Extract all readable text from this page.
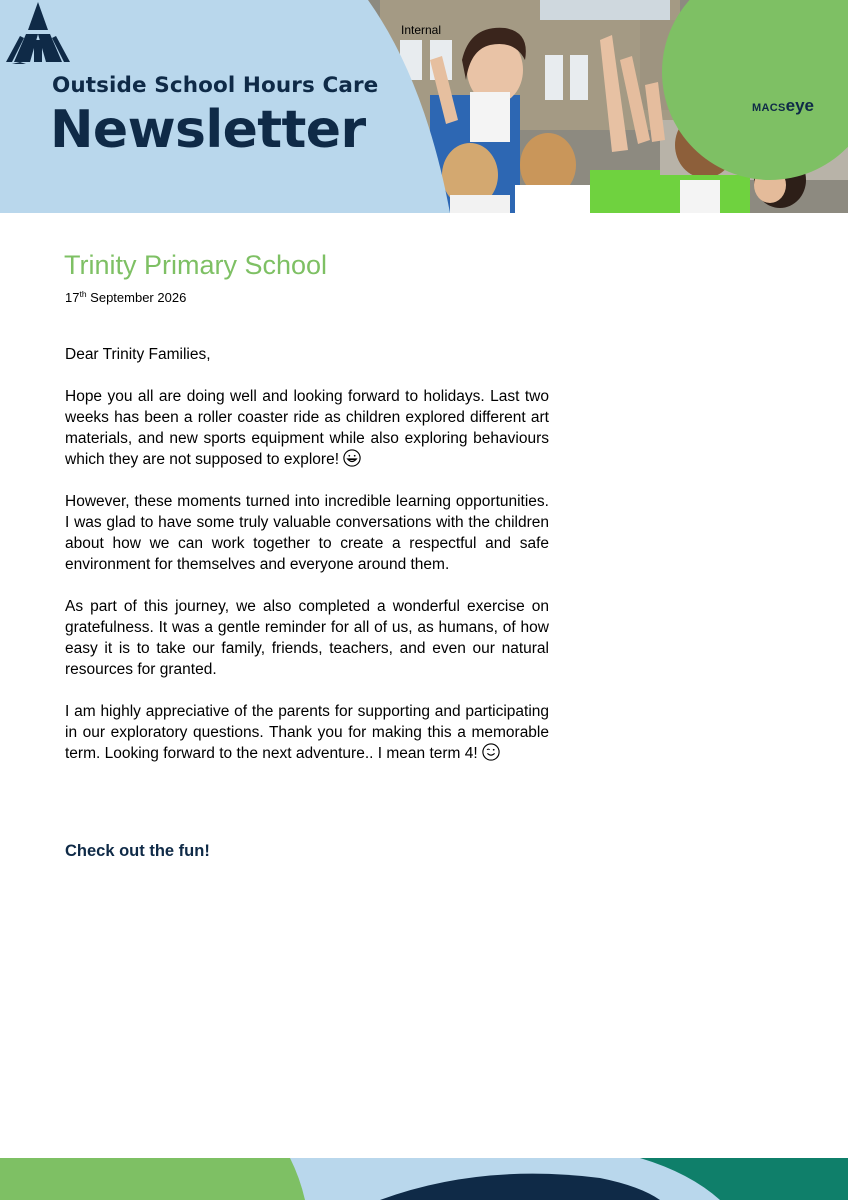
Outside School Hours Care
Newsletter
Internal
MACSeye
Trinity Primary School
17th September 2026

Dear Trinity Families,

Hope you all are doing well and looking forward to holidays. Last two weeks has been a roller coaster ride as children explored different art materials, and new sports equipment while also exploring behaviours which they are not supposed to explore!

However, these moments turned into incredible learning opportunities. I was glad to have some truly valuable conversations with the children about how we can work together to create a respectful and safe environment for themselves and everyone around them.

As part of this journey, we also completed a wonderful exercise on gratefulness. It was a gentle reminder for all of us, as humans, of how easy it is to take our family, friends, teachers, and even our natural resources for granted.

I am highly appreciative of the parents for supporting and participating in our exploratory questions. Thank you for making this a memorable term. Looking forward to the next adventure.. I mean term 4!

Check out the fun!
